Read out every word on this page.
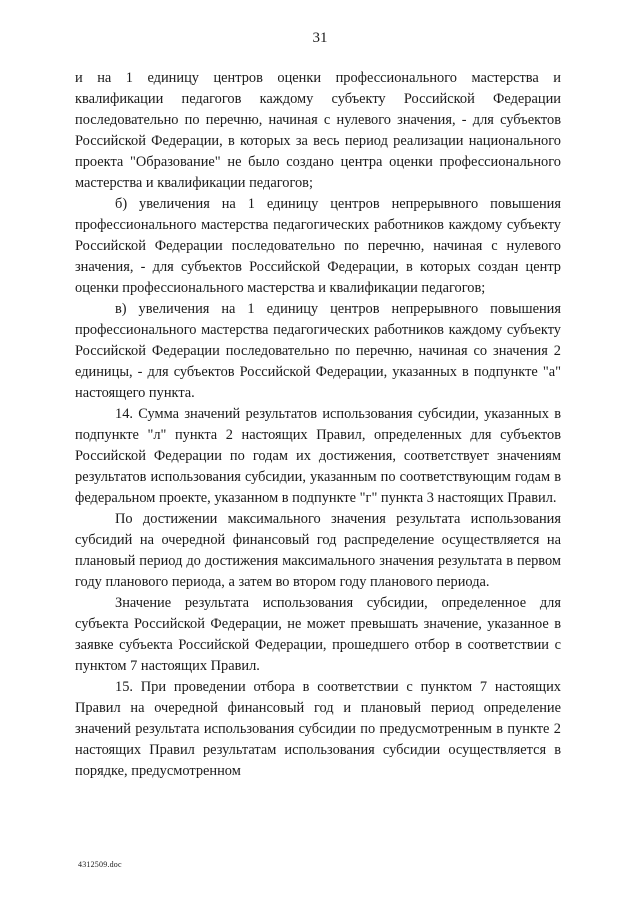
31

и на 1 единицу центров оценки профессионального мастерства и квалификации педагогов каждому субъекту Российской Федерации последовательно по перечню, начиная с нулевого значения, - для субъектов Российской Федерации, в которых за весь период реализации национального проекта "Образование" не было создано центра оценки профессионального мастерства и квалификации педагогов;

б) увеличения на 1 единицу центров непрерывного повышения профессионального мастерства педагогических работников каждому субъекту Российской Федерации последовательно по перечню, начиная с нулевого значения, - для субъектов Российской Федерации, в которых создан центр оценки профессионального мастерства и квалификации педагогов;

в) увеличения на 1 единицу центров непрерывного повышения профессионального мастерства педагогических работников каждому субъекту Российской Федерации последовательно по перечню, начиная со значения 2 единицы, - для субъектов Российской Федерации, указанных в подпункте "а" настоящего пункта.

14. Сумма значений результатов использования субсидии, указанных в подпункте "л" пункта 2 настоящих Правил, определенных для субъектов Российской Федерации по годам их достижения, соответствует значениям результатов использования субсидии, указанным по соответствующим годам в федеральном проекте, указанном в подпункте "г" пункта 3 настоящих Правил.

По достижении максимального значения результата использования субсидий на очередной финансовый год распределение осуществляется на плановый период до достижения максимального значения результата в первом году планового периода, а затем во втором году планового периода.

Значение результата использования субсидии, определенное для субъекта Российской Федерации, не может превышать значение, указанное в заявке субъекта Российской Федерации, прошедшего отбор в соответствии с пунктом 7 настоящих Правил.

15. При проведении отбора в соответствии с пунктом 7 настоящих Правил на очередной финансовый год и плановый период определение значений результата использования субсидии по предусмотренным в пункте 2 настоящих Правил результатам использования субсидии осуществляется в порядке, предусмотренном

4312509.doc
